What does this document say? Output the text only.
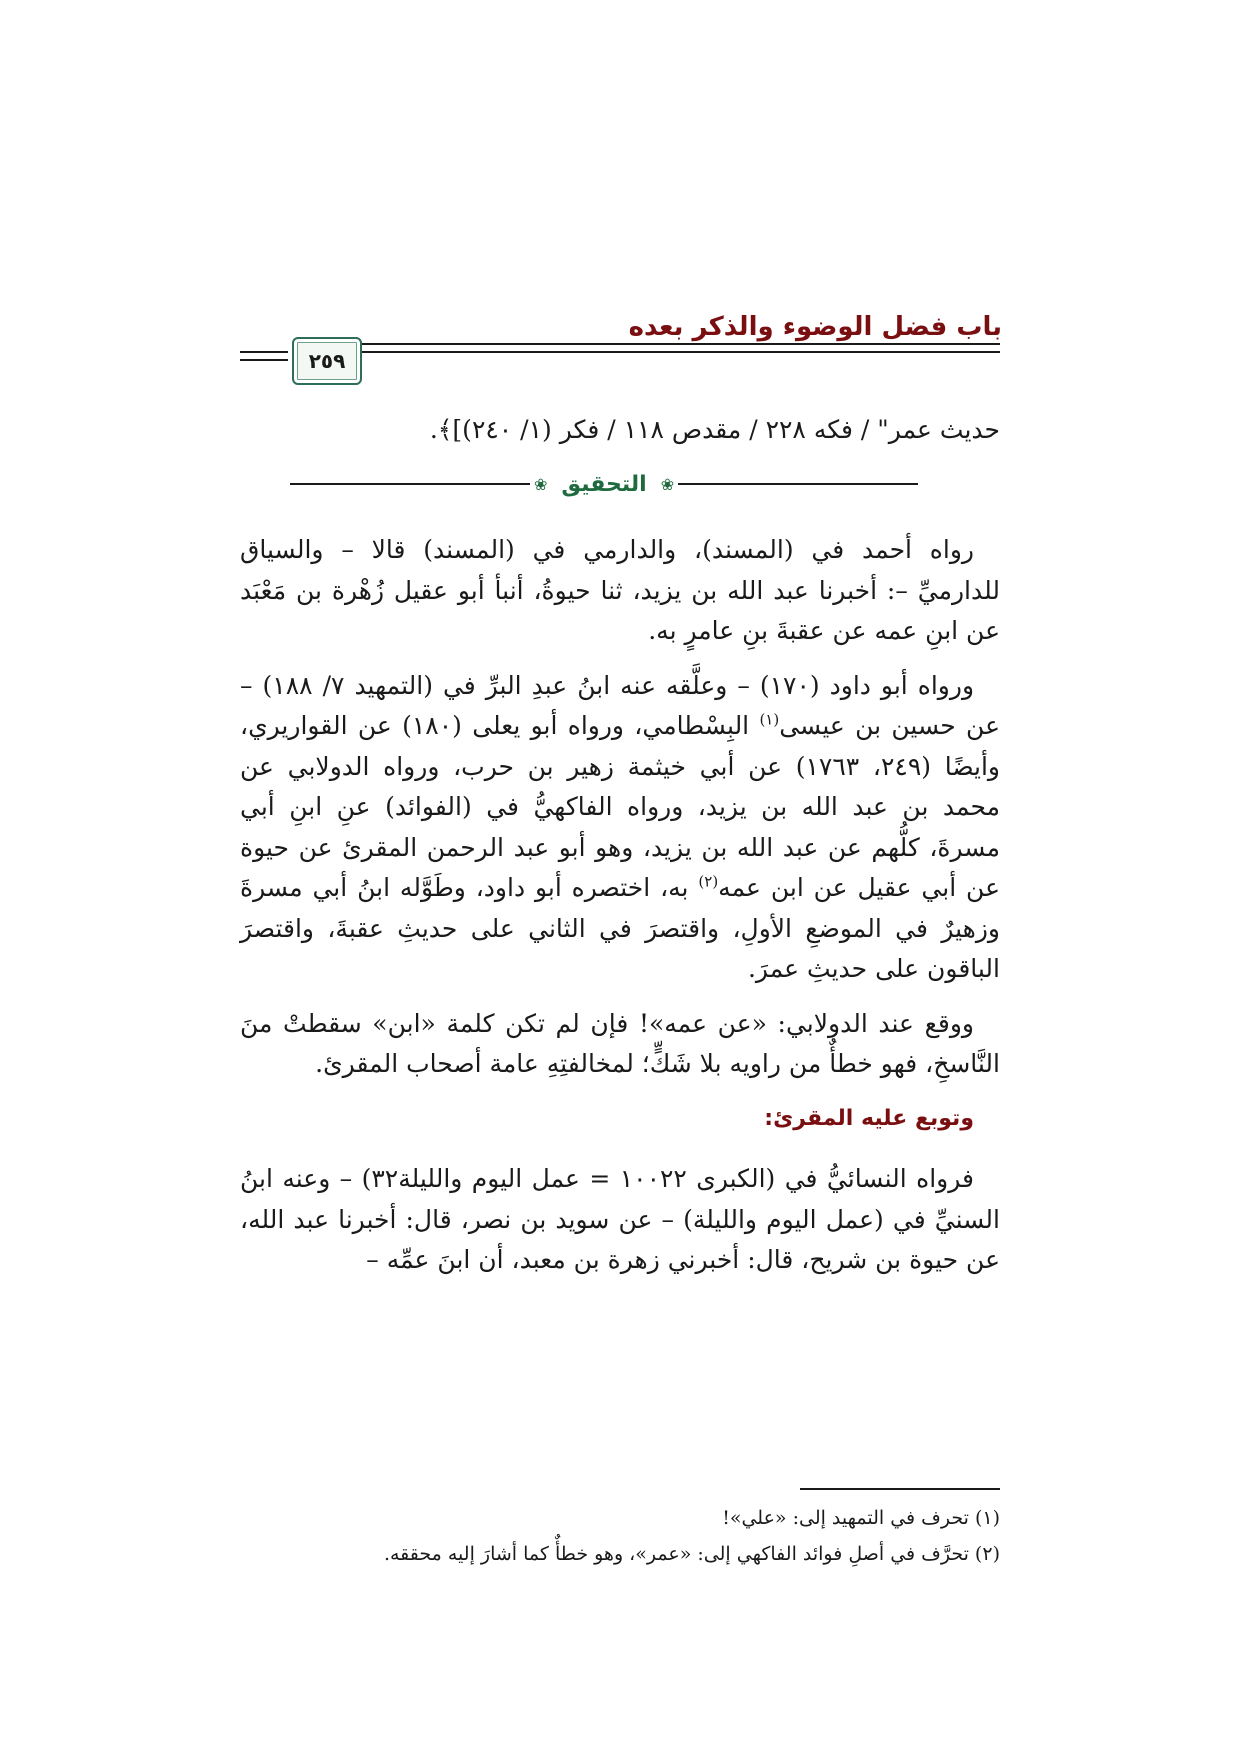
باب فضل الوضوء والذكر بعده
٢٥٩
حديث عمر" / فكه ٢٢٨ / مقدص ١١٨ / فكر (١/ ٢٤٠)]﴾.
❀ التحقيق ❀

رواه أحمد في (المسند)، والدارمي في (المسند) قالا – والسياق للدارميِّ –: أخبرنا عبد الله بن يزيد، ثنا حيوةُ، أنبأ أبو عقيل زُهْرة بن مَعْبَد عن ابنِ عمه عن عقبةَ بنِ عامرٍ به.

ورواه أبو داود (١٧٠) – وعلَّقه عنه ابنُ عبدِ البرِّ في (التمهيد ٧/ ١٨٨) – عن حسين بن عيسى$^{(١)}$ البِسْطامي، ورواه أبو يعلى (١٨٠) عن القواريري، وأيضًا (٢٤٩، ١٧٦٣) عن أبي خيثمة زهير بن حرب، ورواه الدولابي عن محمد بن عبد الله بن يزيد، ورواه الفاكهيُّ في (الفوائد) عنِ ابنِ أبي مسرةَ، كلُّهم عن عبد الله بن يزيد، وهو أبو عبد الرحمن المقرئ عن حيوة عن أبي عقيل عن ابن عمه$^{(٢)}$ به، اختصره أبو داود، وطَوَّله ابنُ أبي مسرةَ وزهيرٌ في الموضعِ الأولِ، واقتصرَ في الثاني على حديثِ عقبةَ، واقتصرَ الباقون على حديثِ عمرَ.

ووقع عند الدولابي: «عن عمه»! فإن لم تكن كلمة «ابن» سقطتْ منَ النَّاسخِ، فهو خطأٌ من راويه بلا شَكٍّ؛ لمخالفتِهِ عامة أصحاب المقرئ.

وتوبع عليه المقرئ:

فرواه النسائيُّ في (الكبرى ١٠٠٢٢ = عمل اليوم والليلة٣٢) – وعنه ابنُ السنيِّ في (عمل اليوم والليلة) – عن سويد بن نصر، قال: أخبرنا عبد الله، عن حيوة بن شريح، قال: أخبرني زهرة بن معبد، أن ابنَ عمِّه –

(١) تحرف في التمهيد إلى: «علي»!
(٢) تحرَّف في أصلِ فوائد الفاكهي إلى: «عمر»، وهو خطأٌ كما أشارَ إليه محققه.
